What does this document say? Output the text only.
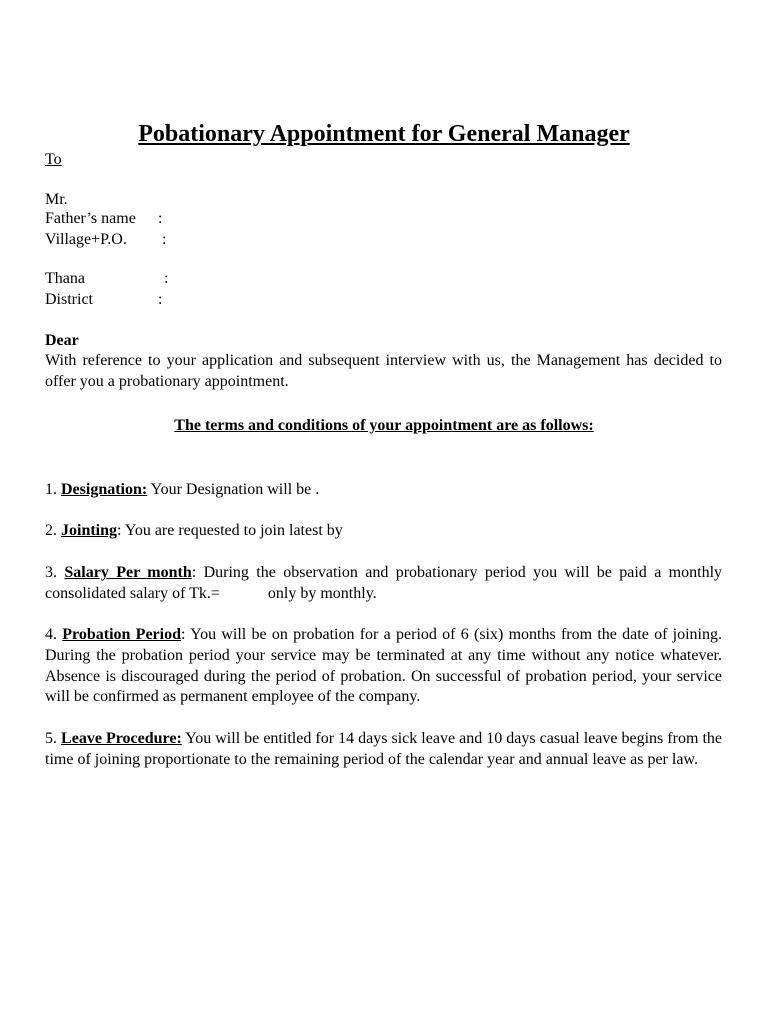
Pobationary Appointment for General Manager
To
Mr.
Father’s name :
Village+P.O. :
Thana	:
District	:
Dear
With reference to your application and subsequent interview with us, the Management has decided to offer you a probationary appointment.
The terms and conditions of your appointment are as follows:
1. Designation: Your Designation will be .
2. Jointing: You are requested to join latest by
3. Salary Per month: During the observation and probationary period you will be paid a monthly consolidated salary of Tk.=            only by monthly.
4. Probation Period: You will be on probation for a period of 6 (six) months from the date of joining. During the probation period your service may be terminated at any time without any notice whatever. Absence is discouraged during the period of probation. On successful of probation period, your service will be confirmed as permanent employee of the company.
5. Leave Procedure: You will be entitled for 14 days sick leave and 10 days casual leave begins from the time of joining proportionate to the remaining period of the calendar year and annual leave as per law.
